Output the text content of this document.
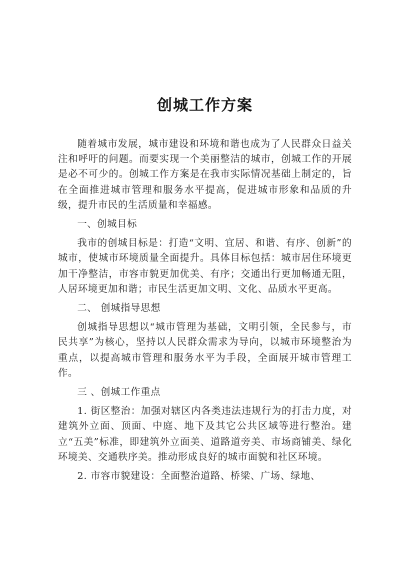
创城工作方案

随着城市发展，城市建设和环境和谐也成为了人民群众日益关注和呼吁的问题。而要实现一个美丽整洁的城市，创城工作的开展是必不可少的。创城工作方案是在我市实际情况基础上制定的，旨在全面推进城市管理和服务水平提高，促进城市形象和品质的升级，提升市民的生活质量和幸福感。

一、创城目标

我市的创城目标是：打造“文明、宜居、和谐、有序、创新”的城市，使城市环境质量全面提升。具体目标包括：城市居住环境更加干净整洁，市容市貌更加优美、有序；交通出行更加畅通无阻，人居环境更加和谐；市民生活更加文明、文化、品质水平更高。

二、 创城指导思想

创城指导思想以“城市管理为基础，文明引领，全民参与，市民共享”为核心，坚持以人民群众需求为导向，以城市环境整治为重点，以提高城市管理和服务水平为手段，全面展开城市管理工作。

三 、创城工作重点

1. 街区整治：加强对辖区内各类违法违规行为的打击力度，对建筑外立面、顶面、中庭、地下及其它公共区域等进行整治。建立“五美”标准，即建筑外立面美、道路道旁美、市场商铺美、绿化环境美、交通秩序美。推动形成良好的城市面貌和社区环境。

2. 市容市貌建设：全面整治道路、桥梁、广场、绿地、
